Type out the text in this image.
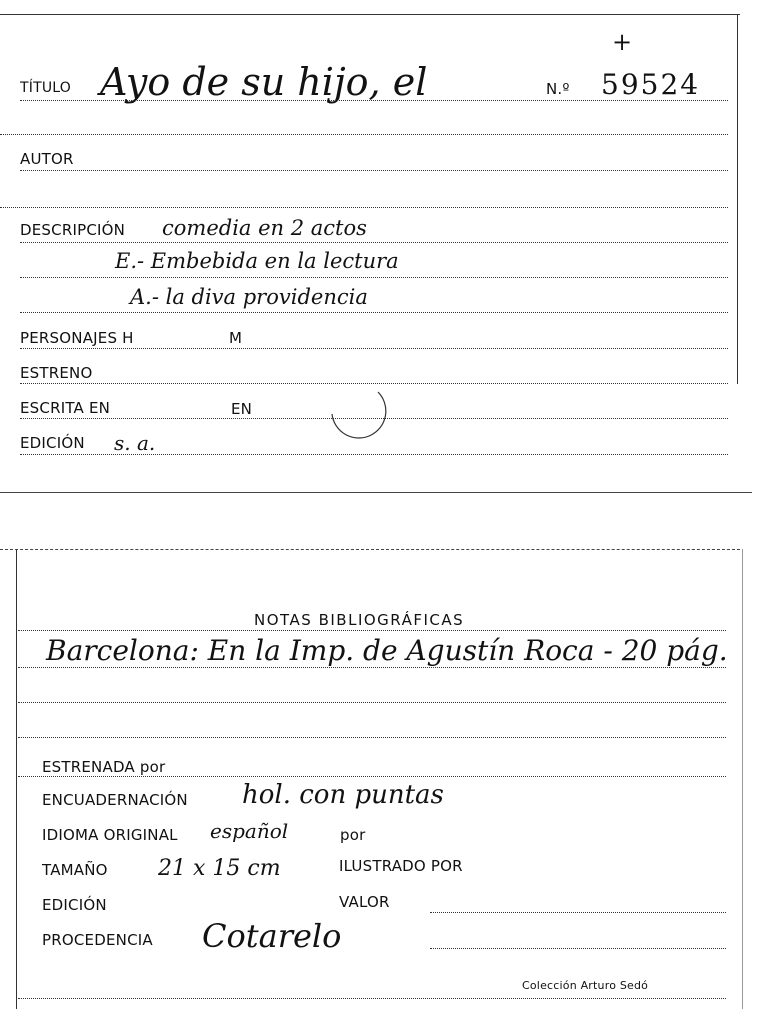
TÍTULO Ayo de su hijo, el	N.º 59524
+
AUTOR
DESCRIPCIÓN comedia en 2 actos
E.- Embebida en la lectura
A.- la diva providencia
PERSONAJES H	M
ESTRENO
ESCRITA EN	EN
EDICIÓN s. a.
NOTAS BIBLIOGRÁFICAS
Barcelona: En la Imp. de Agustín Roca - 20 pág.
ESTRENADA por
ENCUADERNACIÓN hol. con puntas
IDIOMA ORIGINAL español	por
TAMAÑO 21 x 15 cm	ILUSTRADO POR
EDICIÓN	VALOR
PROCEDENCIA Cotarelo
Colección Arturo Sedó
